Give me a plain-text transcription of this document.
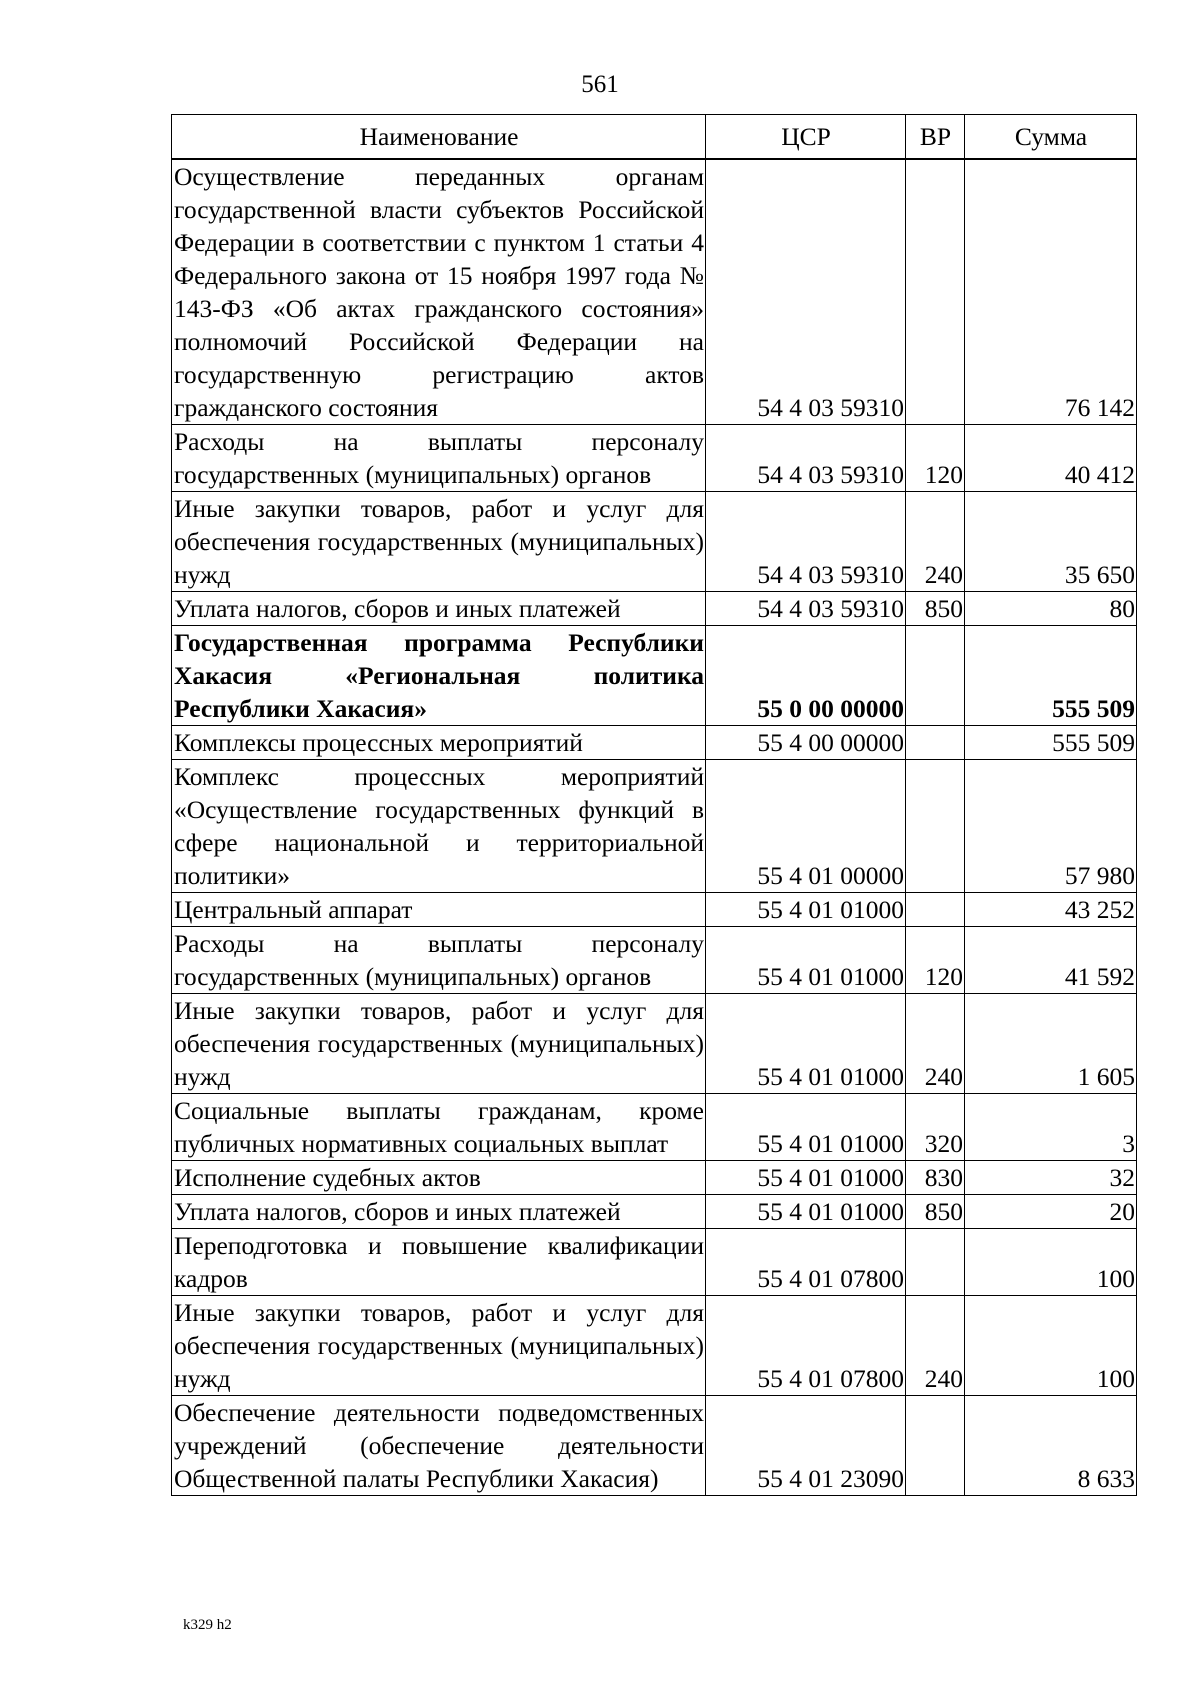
561
Наименование	ЦСР	ВР	Сумма
Осуществление переданных органам государственной власти субъектов Российской Федерации в соответствии с пунктом 1 статьи 4 Федерального закона от 15 ноября 1997 года № 143-ФЗ «Об актах гражданского состояния» полномочий Российской Федерации на государственную регистрацию актов гражданского состояния	54 4 03 59310		76 142
Расходы на выплаты персоналу государственных (муниципальных) органов	54 4 03 59310	120	40 412
Иные закупки товаров, работ и услуг для обеспечения государственных (муниципальных) нужд	54 4 03 59310	240	35 650
Уплата налогов, сборов и иных платежей	54 4 03 59310	850	80
Государственная программа Республики Хакасия «Региональная политика Республики Хакасия»	55 0 00 00000		555 509
Комплексы процессных мероприятий	55 4 00 00000		555 509
Комплекс процессных мероприятий «Осуществление государственных функций в сфере национальной и территориальной политики»	55 4 01 00000		57 980
Центральный аппарат	55 4 01 01000		43 252
Расходы на выплаты персоналу государственных (муниципальных) органов	55 4 01 01000	120	41 592
Иные закупки товаров, работ и услуг для обеспечения государственных (муниципальных) нужд	55 4 01 01000	240	1 605
Социальные выплаты гражданам, кроме публичных нормативных социальных выплат	55 4 01 01000	320	3
Исполнение судебных актов	55 4 01 01000	830	32
Уплата налогов, сборов и иных платежей	55 4 01 01000	850	20
Переподготовка и повышение квалификации кадров	55 4 01 07800		100
Иные закупки товаров, работ и услуг для обеспечения государственных (муниципальных) нужд	55 4 01 07800	240	100
Обеспечение деятельности подведомственных учреждений (обеспечение деятельности Общественной палаты Республики Хакасия)	55 4 01 23090		8 633
k329 h2
